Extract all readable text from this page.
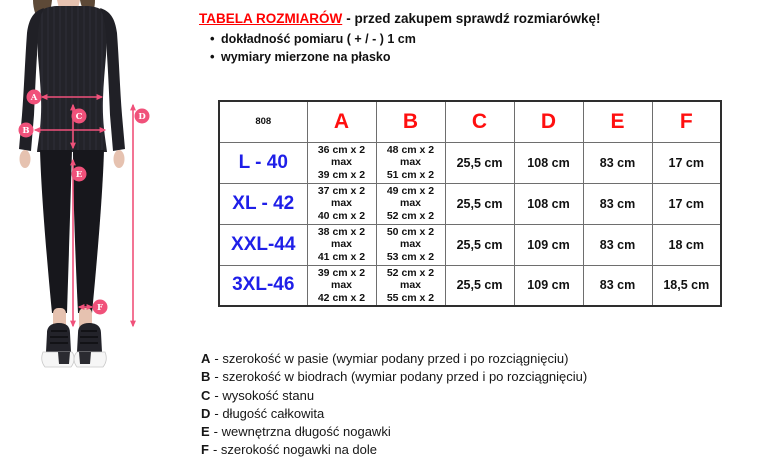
A
B
C	D
E
F
TABELA ROZMIARÓW - przed zakupem sprawdź rozmiarówkę!
• dokładność pomiaru ( + / - ) 1 cm
• wymiary mierzone na płasko
808	A	B	C	D	E	F
L - 40	36 cm x 2
max
39 cm x 2	48 cm x 2
max
51 cm x 2	25,5 cm	108 cm	83 cm	17 cm
XL - 42	37 cm x 2
max
40 cm x 2	49 cm x 2
max
52 cm x 2	25,5 cm	108 cm	83 cm	17 cm
XXL-44	38 cm x 2
max
41 cm x 2	50 cm x 2
max
53 cm x 2	25,5 cm	109 cm	83 cm	18 cm
3XL-46	39 cm x 2
max
42 cm x 2	52 cm x 2
max
55 cm x 2	25,5 cm	109 cm	83 cm	18,5 cm
A - szerokość w pasie (wymiar podany przed i po rozciągnięciu)
B - szerokość w biodrach (wymiar podany przed i po rozciągnięciu)
C - wysokość stanu
D - długość całkowita
E - wewnętrzna długość nogawki
F - szerokość nogawki na dole
